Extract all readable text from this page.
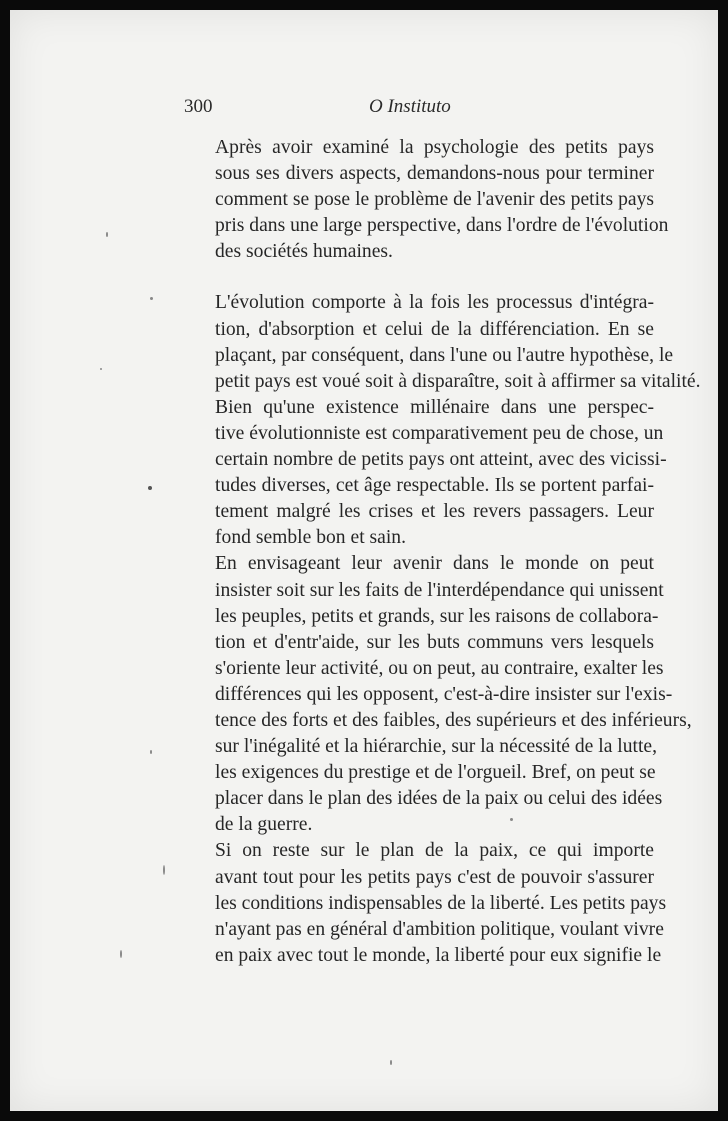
300	O Instituto

Après avoir examiné la psychologie des petits pays
sous ses divers aspects, demandons-nous pour terminer
comment se pose le problème de l'avenir des petits pays
pris dans une large perspective, dans l'ordre de l'évolution
des sociétés humaines.

L'évolution comporte à la fois les processus d'intégra-
tion, d'absorption et celui de la différenciation. En se
plaçant, par conséquent, dans l'une ou l'autre hypothèse, le
petit pays est voué soit à disparaître, soit à affirmer sa vitalité.

Bien qu'une existence millénaire dans une perspec-
tive évolutionniste est comparativement peu de chose, un
certain nombre de petits pays ont atteint, avec des vicissi-
tudes diverses, cet âge respectable. Ils se portent parfai-
tement malgré les crises et les revers passagers. Leur
fond semble bon et sain.

En envisageant leur avenir dans le monde on peut
insister soit sur les faits de l'interdépendance qui unissent
les peuples, petits et grands, sur les raisons de collabora-
tion et d'entr'aide, sur les buts communs vers lesquels
s'oriente leur activité, ou on peut, au contraire, exalter les
différences qui les opposent, c'est-à-dire insister sur l'exis-
tence des forts et des faibles, des supérieurs et des inférieurs,
sur l'inégalité et la hiérarchie, sur la nécessité de la lutte,
les exigences du prestige et de l'orgueil. Bref, on peut se
placer dans le plan des idées de la paix ou celui des idées
de la guerre.

Si on reste sur le plan de la paix, ce qui importe
avant tout pour les petits pays c'est de pouvoir s'assurer
les conditions indispensables de la liberté. Les petits pays
n'ayant pas en général d'ambition politique, voulant vivre
en paix avec tout le monde, la liberté pour eux signifie le
